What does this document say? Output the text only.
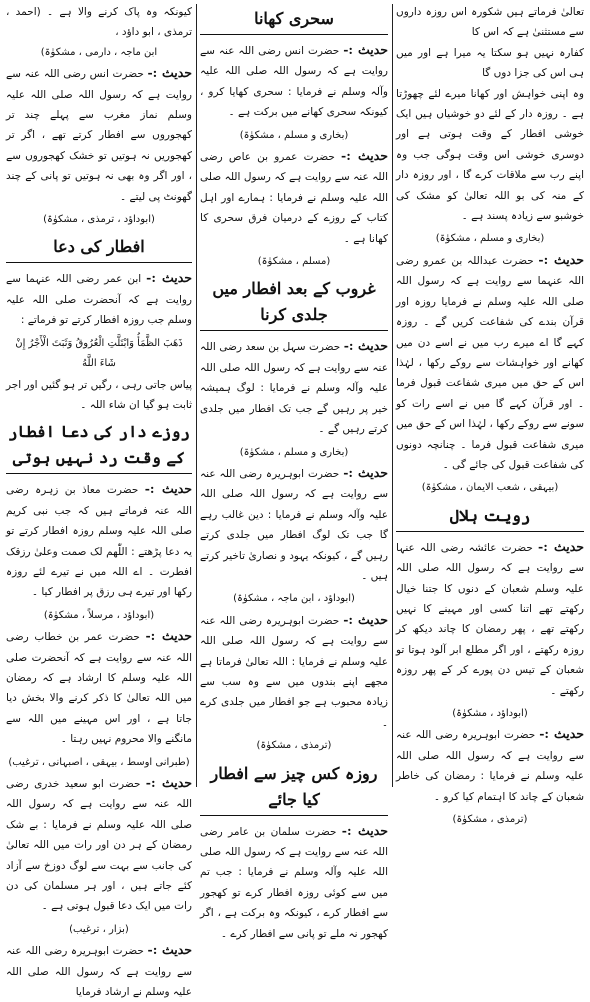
تعالیٰ فرماتے ہیں شکورہ اس روزہ داروں سے مستثنیٰ ہے کہ اس کا
کفارہ نہیں ہو سکتا یہ میرا ہے اور میں ہی اس کی جزا دوں گا

وہ اپنی خواہش اور کھانا میرے لئے چھوڑتا ہے ۔ روزہ دار کے لئے دو خوشیاں ہیں ایک خوشی افطار کے وقت ہوتی ہے اور دوسری خوشی اس وقت ہوگی جب وہ اپنے رب سے ملاقات کرے گا ، اور روزہ دار کے منہ کی بو اللہ تعالیٰ کو مشک کی خوشبو سے زیادہ پسند ہے ۔

(بخاری و مسلم ، مشکوٰۃ)

حدیث :- حضرت عبداللہ بن عمرو رضی اللہ عنہما سے روایت ہے کہ رسول اللہ صلی اللہ علیہ وسلم نے فرمایا روزہ اور قرآن بندے کی شفاعت کریں گے ۔ روزہ کہے گا اے میرے رب میں نے اسے دن میں کھانے اور خواہشات سے روکے رکھا ، لہٰذا اس کے حق میں میری شفاعت قبول فرما ۔ اور قرآن کہے گا میں نے اسے رات کو سونے سے روکے رکھا ، لہٰذا اس کے حق میں میری شفاعت قبول فرما ۔ چنانچہ دونوں کی شفاعت قبول کی جائے گی ۔

(بیہقی ، شعب الایمان ، مشکوٰۃ)
رویت ہلال

حدیث :- حضرت عائشہ رضی اللہ عنہا سے روایت ہے کہ رسول اللہ صلی اللہ علیہ وسلم شعبان کے دنوں کا جتنا خیال رکھتے تھے اتنا کسی اور مہینے کا نہیں رکھتے تھے ، پھر رمضان کا چاند دیکھ کر روزہ رکھتے ، اور اگر مطلع ابر آلود ہوتا تو شعبان کے تیس دن پورے کر کے پھر روزہ رکھتے ۔

(ابوداؤد ، مشکوٰۃ)

حدیث :- حضرت ابوہریرہ رضی اللہ عنہ سے روایت ہے کہ رسول اللہ صلی اللہ علیہ وسلم نے فرمایا : رمضان کی خاطر شعبان کے چاند کا اہتمام کیا کرو ۔

(ترمذی ، مشکوٰۃ)
سحری کھانا

حدیث :- حضرت انس رضی اللہ عنہ سے روایت ہے کہ رسول اللہ صلی اللہ علیہ وآلہ وسلم نے فرمایا : سحری کھایا کرو ، کیونکہ سحری کھانے میں برکت ہے ۔

(بخاری و مسلم ، مشکوٰۃ)

حدیث :- حضرت عمرو بن عاص رضی اللہ عنہ سے روایت ہے کہ رسول اللہ صلی اللہ علیہ وسلم نے فرمایا : ہمارے اور اہل کتاب کے روزے کے درمیان فرق سحری کا کھانا ہے ۔

(مسلم ، مشکوٰۃ)
غروب کے بعد افطار میں جلدی کرنا

حدیث :- حضرت سہل بن سعد رضی اللہ عنہ سے روایت ہے کہ رسول اللہ صلی اللہ علیہ وآلہ وسلم نے فرمایا : لوگ ہمیشہ خیر پر رہیں گے جب تک افطار میں جلدی کرتے رہیں گے ۔

(بخاری و مسلم ، مشکوٰۃ)

حدیث :- حضرت ابوہریرہ رضی اللہ عنہ سے روایت ہے کہ رسول اللہ صلی اللہ علیہ وآلہ وسلم نے فرمایا : دین غالب رہے گا جب تک لوگ افطار میں جلدی کرتے رہیں گے ، کیونکہ یہود و نصاریٰ تاخیر کرتے ہیں ۔

(ابوداؤد ، ابن ماجہ ، مشکوٰۃ)

حدیث :- حضرت ابوہریرہ رضی اللہ عنہ سے روایت ہے کہ رسول اللہ صلی اللہ علیہ وسلم نے فرمایا : اللہ تعالیٰ فرماتا ہے مجھے اپنے بندوں میں سے وہ سب سے زیادہ محبوب ہے جو افطار میں جلدی کرے ۔

(ترمذی ، مشکوٰۃ)
روزہ کس چیز سے افطار کیا جائے

حدیث :- حضرت سلمان بن عامر رضی اللہ عنہ سے روایت ہے کہ رسول اللہ صلی اللہ علیہ وآلہ وسلم نے فرمایا : جب تم میں سے کوئی روزہ افطار کرے تو کھجور سے افطار کرے ، کیونکہ وہ برکت ہے ، اگر کھجور نہ ملے تو پانی سے افطار کرے ۔

کیونکہ وہ پاک کرنے والا ہے ۔ (احمد ، ترمذی ، ابو داؤد ،
ابن ماجہ ، دارمی ، مشکوٰۃ)

حدیث :- حضرت انس رضی اللہ عنہ سے روایت ہے کہ رسول اللہ صلی اللہ علیہ وسلم نماز مغرب سے پہلے چند تر کھجوروں سے افطار کرتے تھے ، اگر تر کھجوریں نہ ہوتیں تو خشک کھجوروں سے ، اور اگر وہ بھی نہ ہوتیں تو پانی کے چند گھونٹ پی لیتے ۔

(ابوداؤد ، ترمذی ، مشکوٰۃ)
افطار کی دعا

حدیث :- ابن عمر رضی اللہ عنہما سے روایت ہے کہ آنحضرت صلی اللہ علیہ وسلم جب روزہ افطار کرتے تو فرماتے :

ذَهَبَ الظَّمَأُ وَابْتَلَّتِ الْعُرُوقُ وَثَبَتَ الْأَجْرُ إِنْ شَاءَ اللَّهُ
پیاس جاتی رہی ، رگیں تر ہو گئیں اور اجر ثابت ہو گیا ان شاء اللہ ۔
روزے دار کی دعا افطار کے وقت رد نہیں ہوتی

حدیث :- حضرت معاذ بن زہرہ رضی اللہ عنہ فرماتے ہیں کہ جب نبی کریم صلی اللہ علیہ وسلم روزہ افطار کرتے تو یہ دعا پڑھتے : اللّٰھم لک صمت وعلیٰ رزقک افطرت ۔ اے اللہ میں نے تیرے لئے روزہ رکھا اور تیرے ہی رزق پر افطار کیا ۔

(ابوداؤد ، مرسلاً ، مشکوٰۃ)

حدیث :- حضرت عمر بن خطاب رضی اللہ عنہ سے روایت ہے کہ آنحضرت صلی اللہ علیہ وسلم کا ارشاد ہے کہ رمضان میں اللہ تعالیٰ کا ذکر کرنے والا بخش دیا جاتا ہے ، اور اس مہینے میں اللہ سے مانگنے والا محروم نہیں رہتا ۔

(طبرانی اوسط ، بیہقی ، اصبہانی ، ترغیب)

حدیث :- حضرت ابو سعید خدری رضی اللہ عنہ سے روایت ہے کہ رسول اللہ صلی اللہ علیہ وسلم نے فرمایا : بے شک رمضان کے ہر دن اور رات میں اللہ تعالیٰ کی جانب سے بہت سے لوگ دوزخ سے آزاد کئے جاتے ہیں ، اور ہر مسلمان کی دن رات میں ایک دعا قبول ہوتی ہے ۔

(بزار ، ترغیب)

حدیث :- حضرت ابوہریرہ رضی اللہ عنہ سے روایت ہے کہ رسول اللہ صلی اللہ علیہ وسلم نے ارشاد فرمایا
